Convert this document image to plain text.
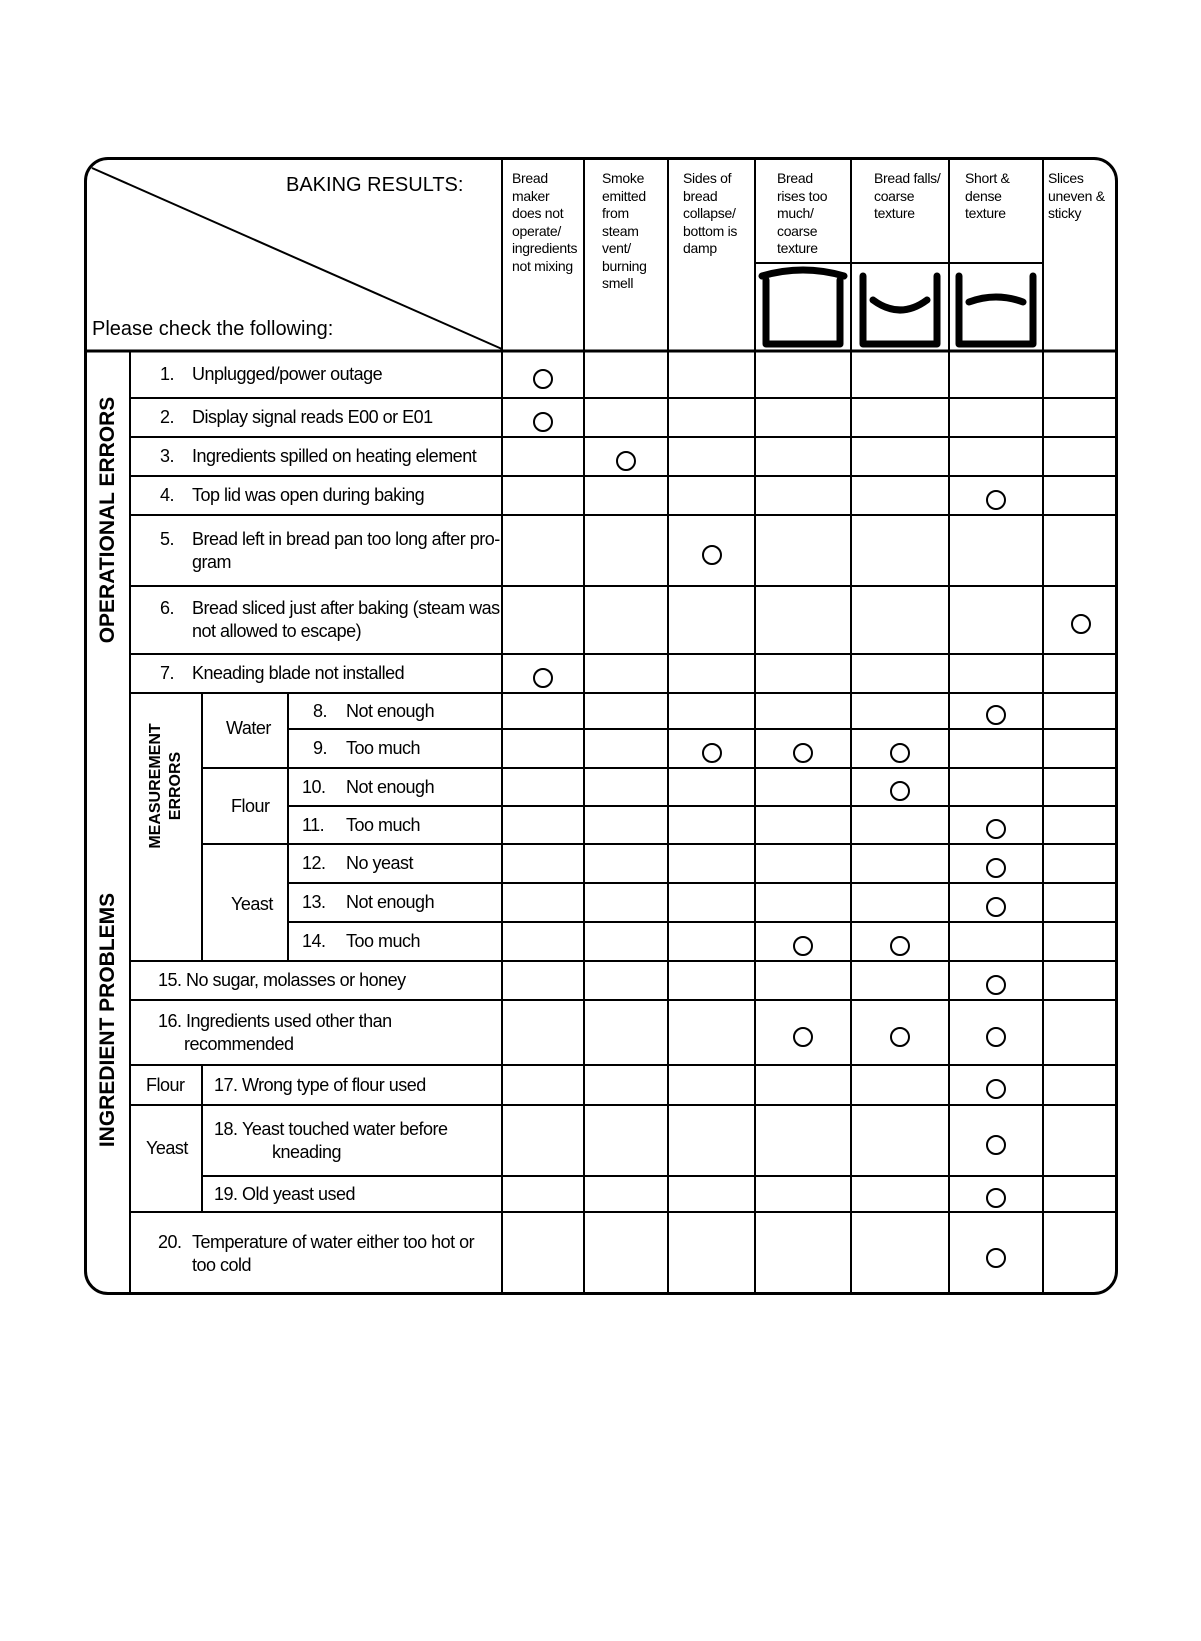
Bread
maker
does not
operate/
ingredients
not mixing
Smoke
emitted
from
steam
vent/
burning
smell
Sides of
bread
collapse/
bottom is
damp
Bread
rises too
much/
coarse
texture
Bread falls/
coarse
texture
Short &
dense
texture
Slices
uneven &
sticky
1. Unplugged/power outage
2. Display signal reads E00 or E01
3. Ingredients spilled on heating element
4. Top lid was open during baking
5. Bread left in bread pan too long after pro-
gram
6. Bread sliced just after baking (steam was
not allowed to escape)
7. Kneading blade not installed
8. Not enough
9. Too much
10. Not enough
11. Too much
12. No yeast
13. Not enough
14. Too much
15. No sugar, molasses or honey
16. Ingredients used other than
recommended
17. Wrong type of flour used
18. Yeast touched water before
kneading
19. Old yeast used
20. Temperature of water either too hot or
too cold
BAKING RESULTS:
Please check the following:
OPERATIONAL ERRORS
INGREDIENT PROBLEMS
MEASUREMENT ERRORS
Water
Flour
Yeast
Flour
Yeast
